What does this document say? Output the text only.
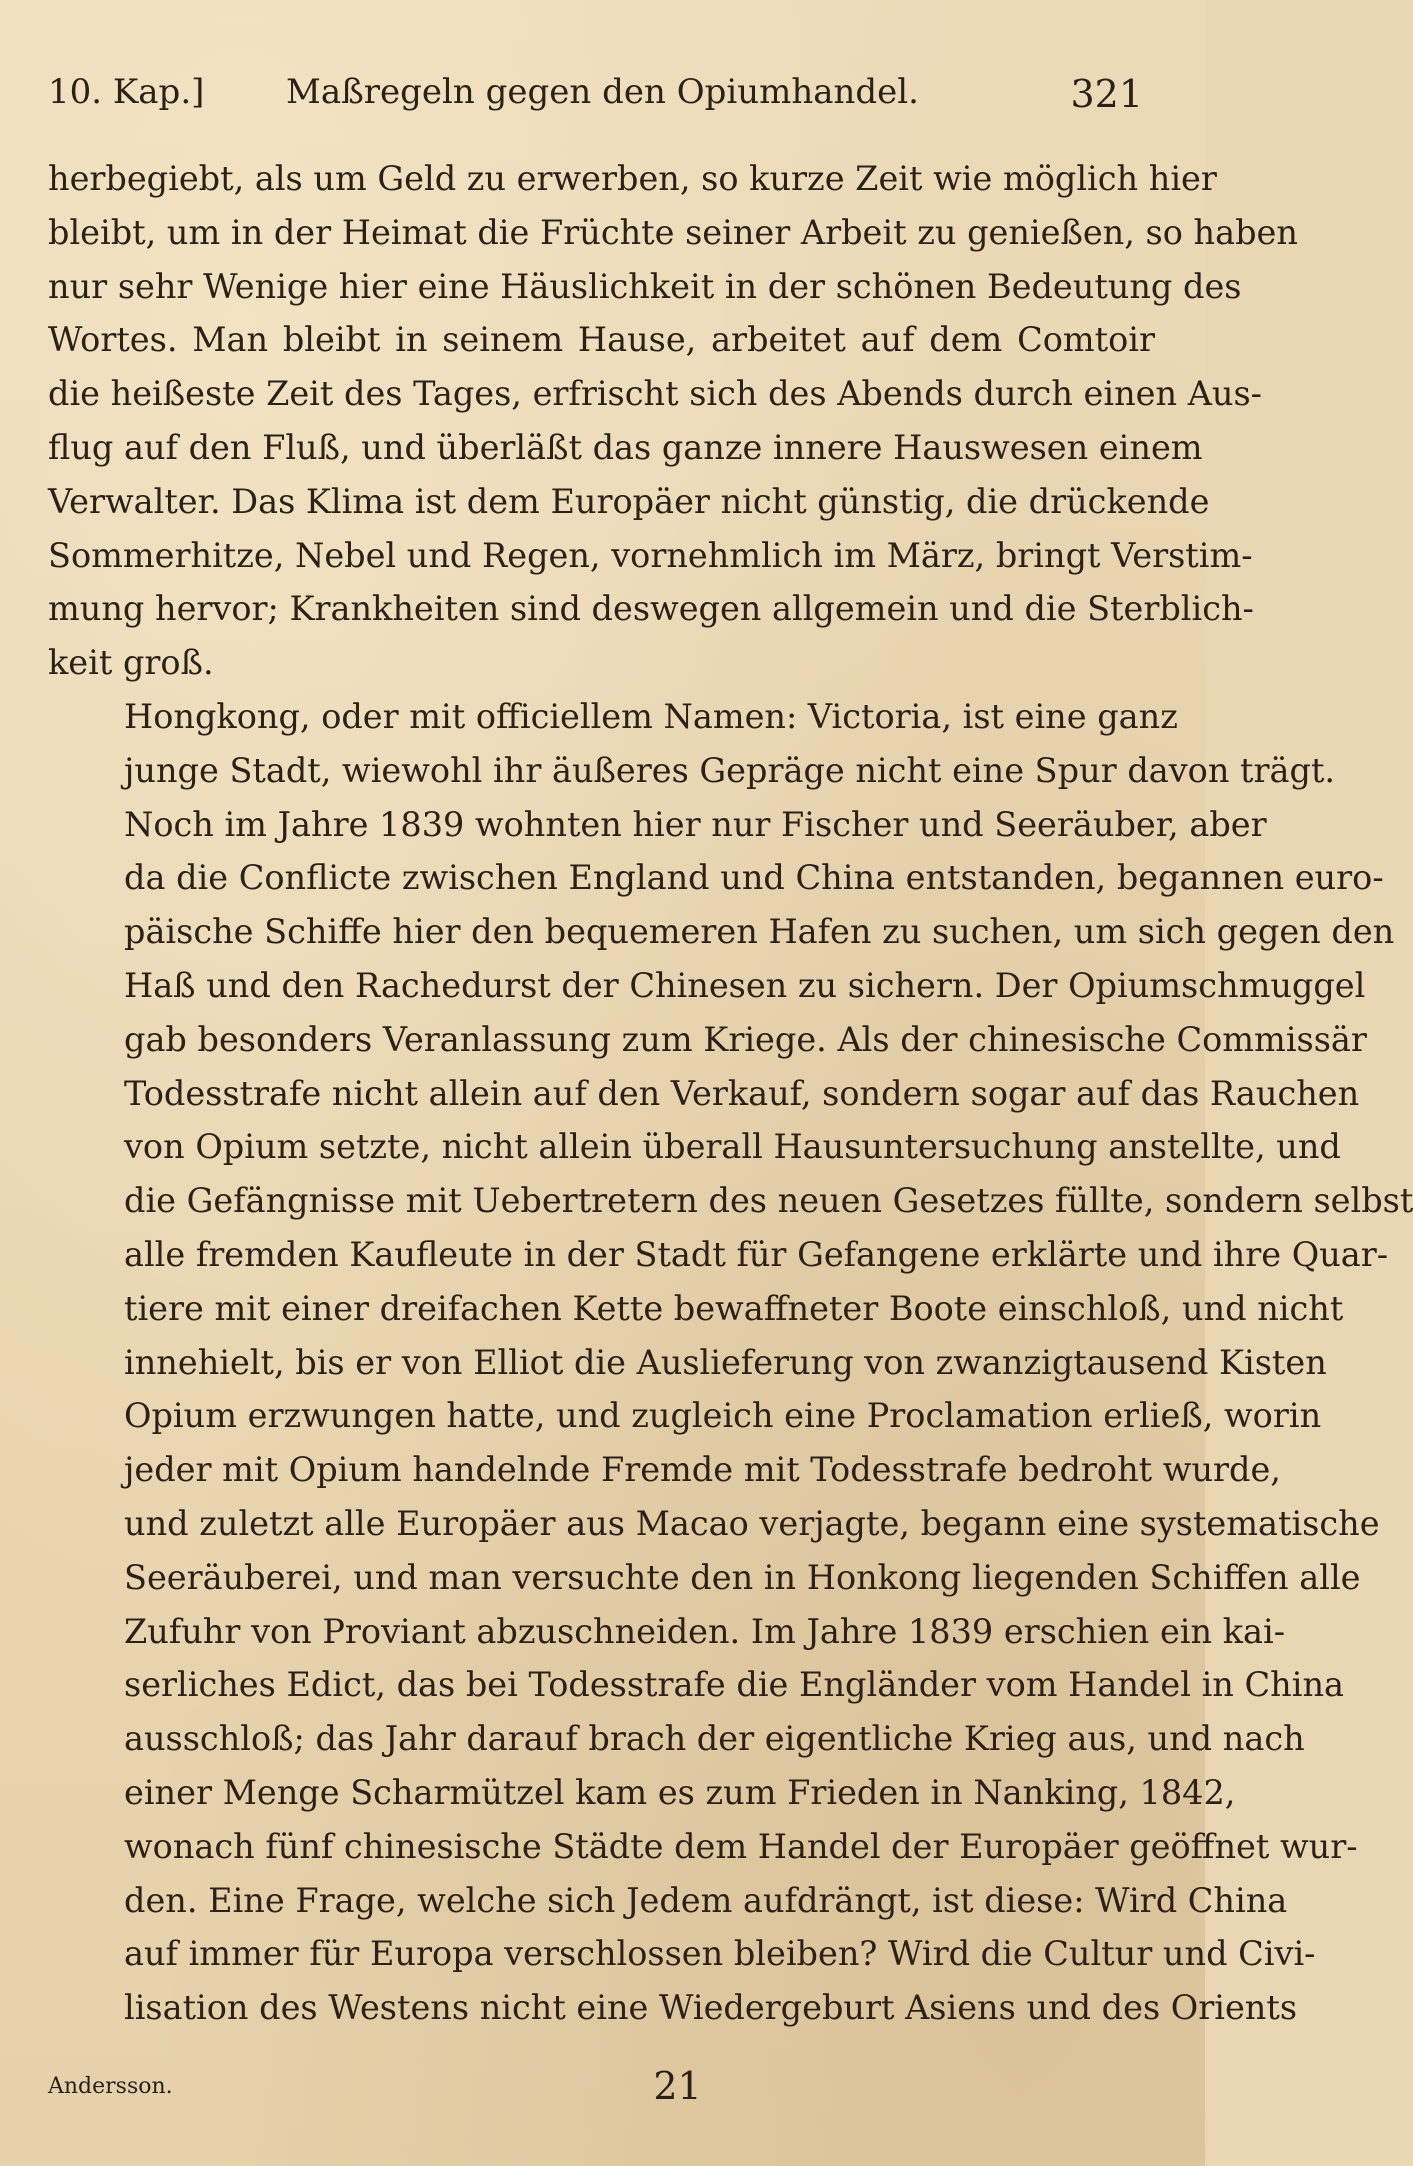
10. Kap.]	Maßregeln gegen den Opiumhandel.	321
herbegiebt, als um Geld zu erwerben, so kurze Zeit wie möglich hier
bleibt, um in der Heimat die Früchte seiner Arbeit zu genießen, so haben
nur sehr Wenige hier eine Häuslichkeit in der schönen Bedeutung des
Wortes. Man bleibt in seinem Hause, arbeitet auf dem Comtoir
die heißeste Zeit des Tages, erfrischt sich des Abends durch einen Aus-
flug auf den Fluß, und überläßt das ganze innere Hauswesen einem
Verwalter. Das Klima ist dem Europäer nicht günstig, die drückende
Sommerhitze, Nebel und Regen, vornehmlich im März, bringt Verstim-
mung hervor; Krankheiten sind deswegen allgemein und die Sterblich-
keit groß.
Hongkong, oder mit officiellem Namen: Victoria, ist eine ganz
junge Stadt, wiewohl ihr äußeres Gepräge nicht eine Spur davon trägt.
Noch im Jahre 1839 wohnten hier nur Fischer und Seeräuber, aber
da die Conflicte zwischen England und China entstanden, begannen euro-
päische Schiffe hier den bequemeren Hafen zu suchen, um sich gegen den
Haß und den Rachedurst der Chinesen zu sichern. Der Opiumschmuggel
gab besonders Veranlassung zum Kriege. Als der chinesische Commissär
Todesstrafe nicht allein auf den Verkauf, sondern sogar auf das Rauchen
von Opium setzte, nicht allein überall Hausuntersuchung anstellte, und
die Gefängnisse mit Uebertretern des neuen Gesetzes füllte, sondern selbst
alle fremden Kaufleute in der Stadt für Gefangene erklärte und ihre Quar-
tiere mit einer dreifachen Kette bewaffneter Boote einschloß, und nicht
innehielt, bis er von Elliot die Auslieferung von zwanzigtausend Kisten
Opium erzwungen hatte, und zugleich eine Proclamation erließ, worin
jeder mit Opium handelnde Fremde mit Todesstrafe bedroht wurde,
und zuletzt alle Europäer aus Macao verjagte, begann eine systematische
Seeräuberei, und man versuchte den in Honkong liegenden Schiffen alle
Zufuhr von Proviant abzuschneiden. Im Jahre 1839 erschien ein kai-
serliches Edict, das bei Todesstrafe die Engländer vom Handel in China
ausschloß; das Jahr darauf brach der eigentliche Krieg aus, und nach
einer Menge Scharmützel kam es zum Frieden in Nanking, 1842,
wonach fünf chinesische Städte dem Handel der Europäer geöffnet wur-
den. Eine Frage, welche sich Jedem aufdrängt, ist diese: Wird China
auf immer für Europa verschlossen bleiben? Wird die Cultur und Civi-
lisation des Westens nicht eine Wiedergeburt Asiens und des Orients
Andersson.	21
